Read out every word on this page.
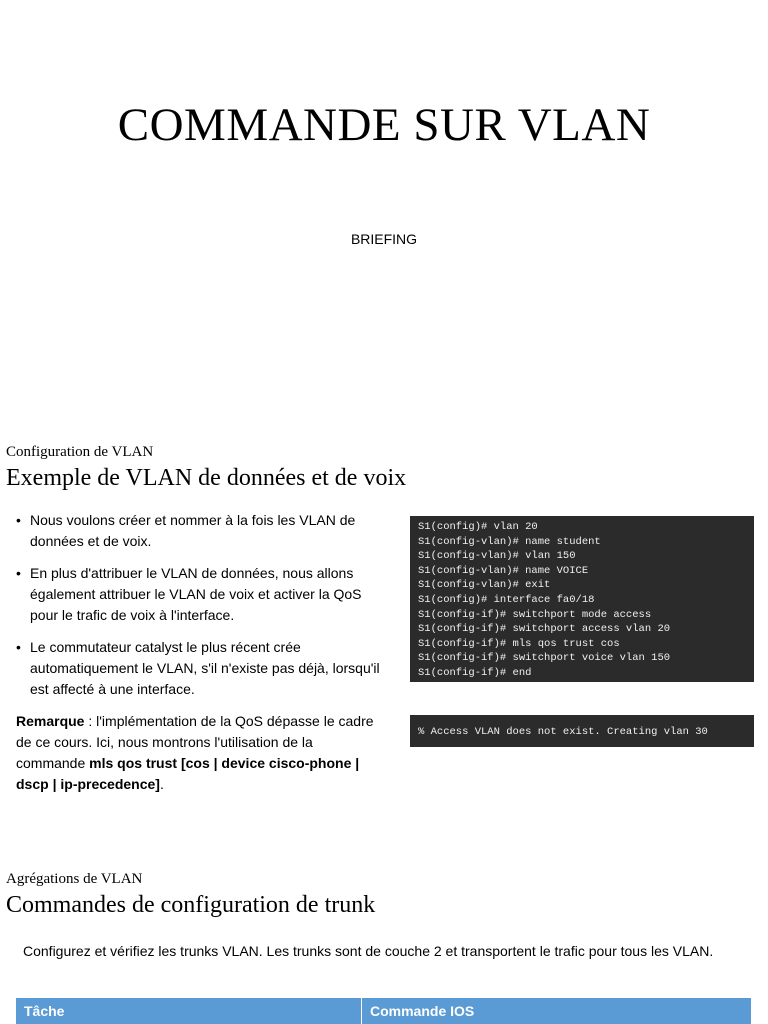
COMMANDE SUR VLAN
BRIEFING
Configuration de VLAN
Exemple de VLAN de données et de voix
• Nous voulons créer et nommer à la fois les VLAN de données et de voix.
• En plus d'attribuer le VLAN de données, nous allons également attribuer le VLAN de voix et activer la QoS pour le trafic de voix à l'interface.
• Le commutateur catalyst le plus récent crée automatiquement le VLAN, s'il n'existe pas déjà, lorsqu'il est affecté à une interface.

Remarque : l'implémentation de la QoS dépasse le cadre de ce cours. Ici, nous montrons l'utilisation de la commande mls qos trust [cos | device cisco-phone | dscp | ip-precedence].

S1(config)# vlan 20
S1(config-vlan)# name student
S1(config-vlan)# vlan 150
S1(config-vlan)# name VOICE
S1(config-vlan)# exit
S1(config)# interface fa0/18
S1(config-if)# switchport mode access
S1(config-if)# switchport access vlan 20
S1(config-if)# mls qos trust cos
S1(config-if)# switchport voice vlan 150
S1(config-if)# end
% Access VLAN does not exist. Creating vlan 30
Agrégations de VLAN
Commandes de configuration de trunk

Configurez et vérifiez les trunks VLAN. Les trunks sont de couche 2 et transportent le trafic pour tous les VLAN.

Tâche	Commande IOS
